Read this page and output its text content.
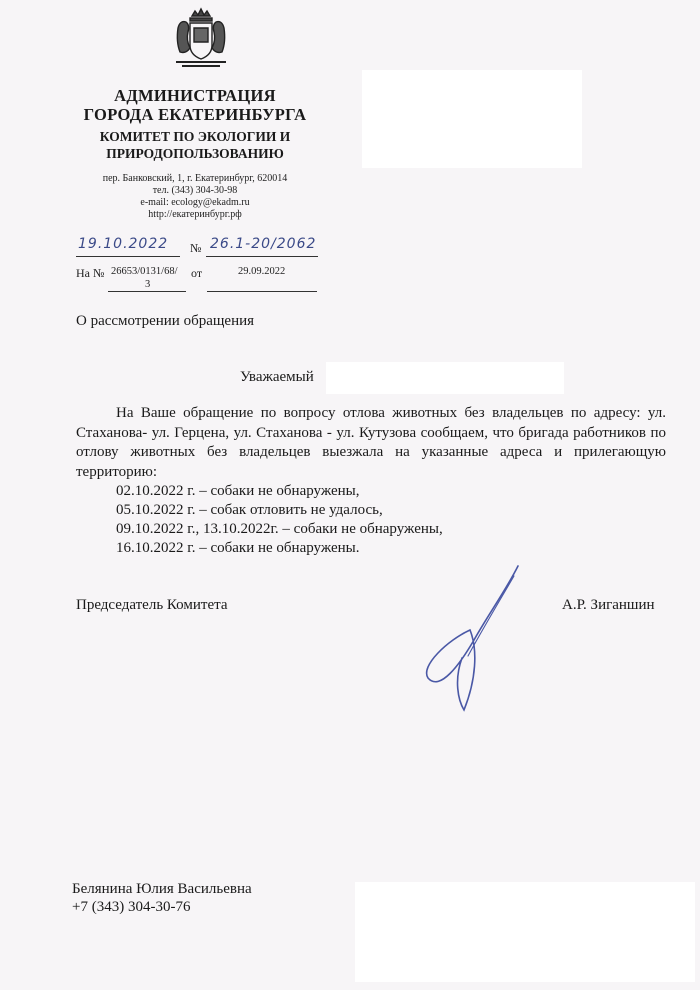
АДМИНИСТРАЦИЯ
ГОРОДА ЕКАТЕРИНБУРГА
КОМИТЕТ ПО ЭКОЛОГИИ И
ПРИРОДОПОЛЬЗОВАНИЮ
пер. Банковский, 1, г. Екатеринбург, 620014
тел. (343) 304-30-98
e-mail: ecology@ekadm.ru
http://екатеринбург.рф
19.10.2022 № 26.1-20/2062
На № 26653/0131/68/
3
от	29.09.2022
О рассмотрении обращения
Уважаемый
На Ваше обращение по вопросу отлова животных без владельцев по адресу: ул. Стаханова- ул. Герцена, ул. Стаханова - ул. Кутузова сообщаем, что бригада работников по отлову животных без владельцев выезжала на указанные адреса и прилегающую территорию:
02.10.2022 г. – собаки не обнаружены,
05.10.2022 г. – собак отловить не удалось,
09.10.2022 г., 13.10.2022г. – собаки не обнаружены,
16.10.2022 г. – собаки не обнаружены.
Председатель Комитета	А.Р. Зиганшин
Белянина Юлия Васильевна
+7 (343) 304-30-76
